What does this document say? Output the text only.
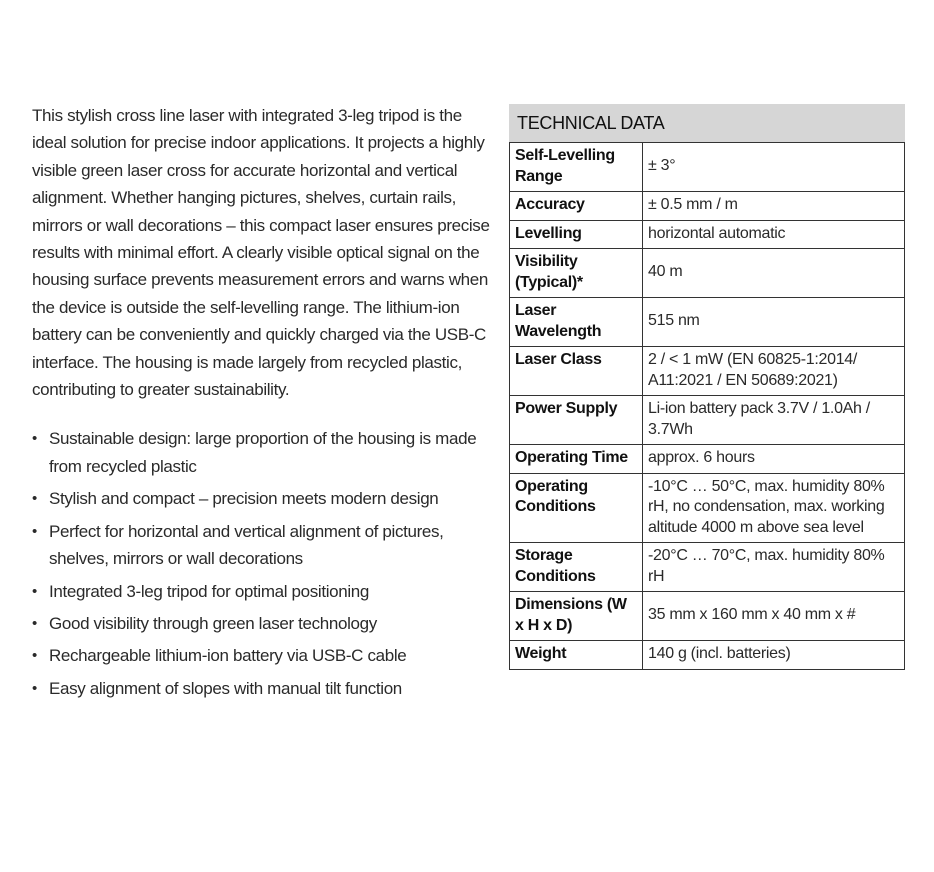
This stylish cross line laser with integrated 3-leg tripod is the ideal solution for precise indoor applications. It projects a highly visible green laser cross for accurate horizontal and vertical alignment. Whether hanging pictures, shelves, curtain rails, mirrors or wall decorations – this compact laser ensures precise results with minimal effort. A clearly visible optical signal on the housing surface prevents measurement errors and warns when the device is outside the self-levelling range. The lithium-ion battery can be conveniently and quickly charged via the USB-C interface. The housing is made largely from recycled plastic, contributing to greater sustainability.

• Sustainable design: large proportion of the housing is made from recycled plastic
• Stylish and compact – precision meets modern design
• Perfect for horizontal and vertical alignment of pictures, shelves, mirrors or wall decorations
• Integrated 3-leg tripod for optimal positioning
• Good visibility through green laser technology
• Rechargeable lithium-ion battery via USB-C cable
• Easy alignment of slopes with manual tilt function
TECHNICAL DATA
Self-Levelling Range	± 3°
Accuracy	± 0.5 mm / m
Levelling	horizontal automatic
Visibility (Typical)*	40 m
Laser Wavelength	515 nm
Laser Class	2 / < 1 mW (EN 60825-1:2014/ A11:2021 / EN 50689:2021)
Power Supply	Li-ion battery pack 3.7V / 1.0Ah / 3.7Wh
Operating Time	approx. 6 hours
Operating Conditions	-10°C … 50°C, max. humidity 80% rH, no condensation, max. working altitude 4000 m above sea level
Storage Conditions	-20°C … 70°C, max. humidity 80% rH
Dimensions (W x H x D)	35 mm x 160 mm x 40 mm x #
Weight	140 g (incl. batteries)
